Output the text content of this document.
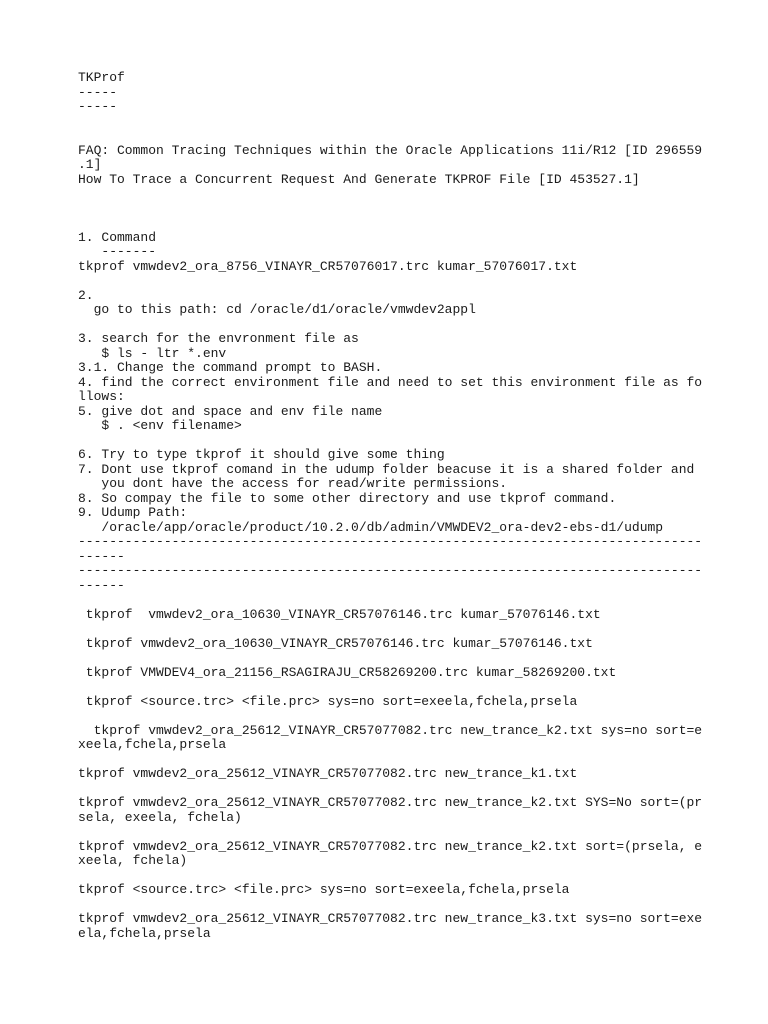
TKProf

-----

-----

FAQ: Common Tracing Techniques within the Oracle Applications 11i/R12 [ID 296559

.1]

How To Trace a Concurrent Request And Generate TKPROF File [ID 453527.1]

1. Command

-------

tkprof vmwdev2_ora_8756_VINAYR_CR57076017.trc kumar_57076017.txt

2.

go to this path: cd /oracle/d1/oracle/vmwdev2appl

3. search for the envronment file as

$ ls - ltr *.env

3.1. Change the command prompt to BASH.

4. find the correct environment file and need to set this environment file as fo

llows:

5. give dot and space and env file name

$ . <env filename>

6. Try to type tkprof it should give some thing

7. Dont use tkprof comand in the udump folder beacuse it is a shared folder and

you dont have the access for read/write permissions.

8. So compay the file to some other directory and use tkprof command.

9. Udump Path:

/oracle/app/oracle/product/10.2.0/db/admin/VMWDEV2_ora-dev2-ebs-d1/udump

--------------------------------------------------------------------------------

------

--------------------------------------------------------------------------------

------

tkprof  vmwdev2_ora_10630_VINAYR_CR57076146.trc kumar_57076146.txt

tkprof vmwdev2_ora_10630_VINAYR_CR57076146.trc kumar_57076146.txt

tkprof VMWDEV4_ora_21156_RSAGIRAJU_CR58269200.trc kumar_58269200.txt

tkprof <source.trc> <file.prc> sys=no sort=exeela,fchela,prsela

tkprof vmwdev2_ora_25612_VINAYR_CR57077082.trc new_trance_k2.txt sys=no sort=e

xeela,fchela,prsela

tkprof vmwdev2_ora_25612_VINAYR_CR57077082.trc new_trance_k1.txt

tkprof vmwdev2_ora_25612_VINAYR_CR57077082.trc new_trance_k2.txt SYS=No sort=(pr

sela, exeela, fchela)

tkprof vmwdev2_ora_25612_VINAYR_CR57077082.trc new_trance_k2.txt sort=(prsela, e

xeela, fchela)

tkprof <source.trc> <file.prc> sys=no sort=exeela,fchela,prsela

tkprof vmwdev2_ora_25612_VINAYR_CR57077082.trc new_trance_k3.txt sys=no sort=exe

ela,fchela,prsela
